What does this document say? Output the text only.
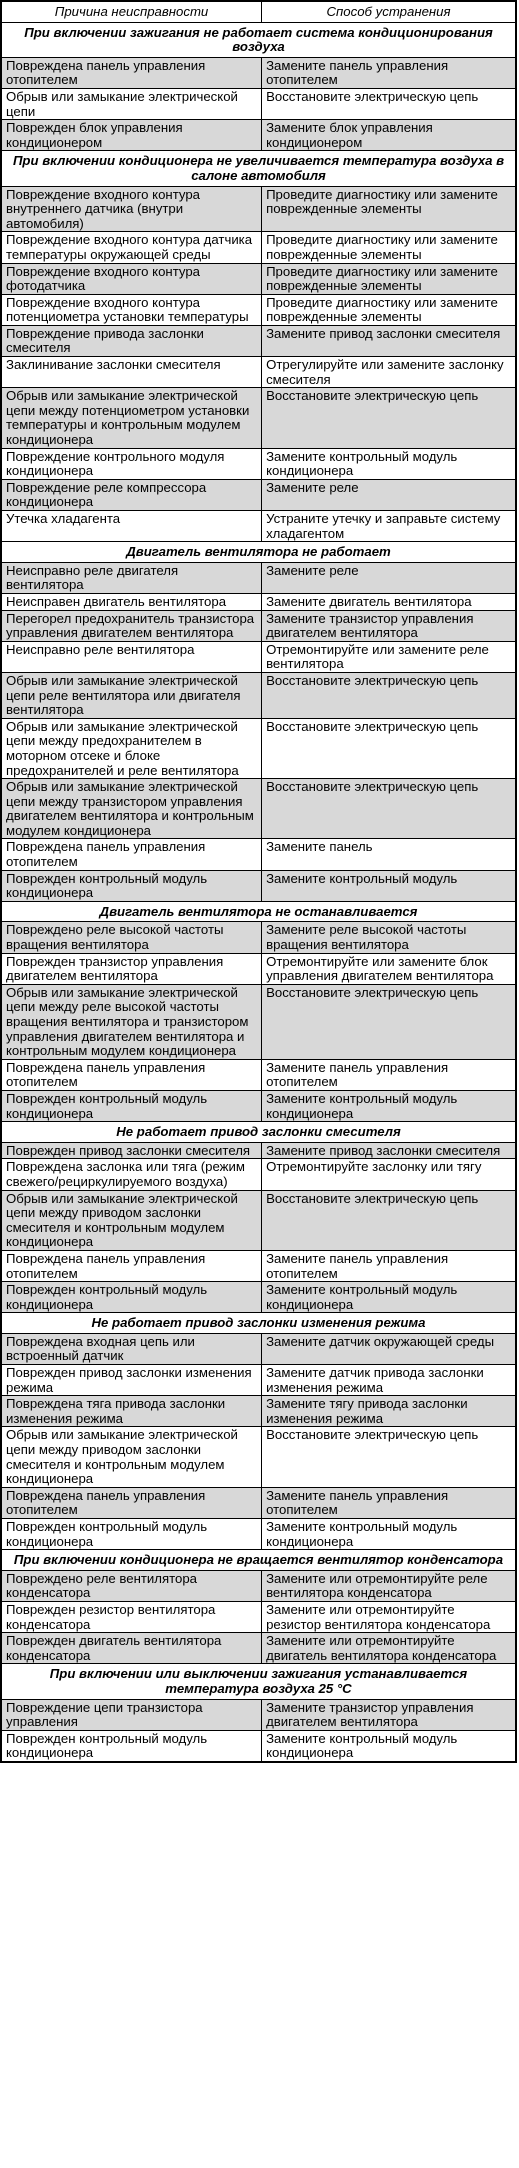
Причина неисправности	Способ устранения
При включении зажигания не работает система кондиционирования воздуха	
Повреждена панель управления отопителем	Замените панель управления отопителем
Обрыв или замыкание электрической цепи	Восстановите электрическую цепь
Поврежден блок управления кондиционером	Замените блок управления кондиционером
При включении кондиционера не увеличивается температура воздуха в салоне автомобиля	
Повреждение входного контура внутреннего датчика (внутри автомобиля)	Проведите диагностику или замените поврежденные элементы
Повреждение входного контура датчика температуры окружающей среды	Проведите диагностику или замените поврежденные элементы
Повреждение входного контура фотодатчика	Проведите диагностику или замените поврежденные элементы
Повреждение входного контура потенциометра установки температуры	Проведите диагностику или замените поврежденные элементы
Повреждение привода заслонки смесителя	Замените привод заслонки смесителя
Заклинивание заслонки смесителя	Отрегулируйте или замените заслонку смесителя
Обрыв или замыкание электрической цепи между потенциометром установки температуры и контрольным модулем кондиционера	Восстановите электрическую цепь
Повреждение контрольного модуля кондиционера	Замените контрольный модуль кондиционера
Повреждение реле компрессора кондиционера	Замените реле
Утечка хладагента	Устраните утечку и заправьте систему хладагентом
Двигатель вентилятора не работает	
Неисправно реле двигателя вентилятора	Замените реле
Неисправен двигатель вентилятора	Замените двигатель вентилятора
Перегорел предохранитель транзистора управления двигателем вентилятора	Замените транзистор управления двигателем вентилятора
Неисправно реле вентилятора	Отремонтируйте или замените реле вентилятора
Обрыв или замыкание электрической цепи реле вентилятора или двигателя вентилятора	Восстановите электрическую цепь
Обрыв или замыкание электрической цепи между предохранителем в моторном отсеке и блоке предохранителей и реле вентилятора	Восстановите электрическую цепь
Обрыв или замыкание электрической цепи между транзистором управления двигателем вентилятора и контрольным модулем кондиционера	Восстановите электрическую цепь
Повреждена панель управления отопителем	Замените панель
Поврежден контрольный модуль кондиционера	Замените контрольный модуль
Двигатель вентилятора не останавливается	
Повреждено реле высокой частоты вращения вентилятора	Замените реле высокой частоты вращения вентилятора
Поврежден транзистор управления двигателем вентилятора	Отремонтируйте или замените блок управления двигателем вентилятора
Обрыв или замыкание электрической цепи между реле высокой частоты вращения вентилятора и транзистором управления двигателем вентилятора и контрольным модулем кондиционера	Восстановите электрическую цепь
Повреждена панель управления отопителем	Замените панель управления отопителем
Поврежден контрольный модуль кондиционера	Замените контрольный модуль кондиционера
Не работает привод заслонки смесителя	
Поврежден привод заслонки смесителя	Замените привод заслонки смесителя
Повреждена заслонка или тяга (режим свежего/рециркулируемого воздуха)	Отремонтируйте заслонку или тягу
Обрыв или замыкание электрической цепи между приводом заслонки смесителя и контрольным модулем кондиционера	Восстановите электрическую цепь
Повреждена панель управления отопителем	Замените панель управления отопителем
Поврежден контрольный модуль кондиционера	Замените контрольный модуль кондиционера
Не работает привод заслонки изменения режима	
Повреждена входная цепь или встроенный датчик	Замените датчик окружающей среды
Поврежден привод заслонки изменения режима	Замените датчик привода заслонки изменения режима
Повреждена тяга привода заслонки изменения режима	Замените тягу привода заслонки изменения режима
Обрыв или замыкание электрической цепи между приводом заслонки смесителя и контрольным модулем кондиционера	Восстановите электрическую цепь
Повреждена панель управления отопителем	Замените панель управления отопителем
Поврежден контрольный модуль кондиционера	Замените контрольный модуль кондиционера
При включении кондиционера не вращается вентилятор конденсатора	
Повреждено реле вентилятора конденсатора	Замените или отремонтируйте реле вентилятора конденсатора
Поврежден резистор вентилятора конденсатора	Замените или отремонтируйте резистор вентилятора конденсатора
Поврежден двигатель вентилятора конденсатора	Замените или отремонтируйте двигатель вентилятора конденсатора
При включении или выключении зажигания устанавливается температура воздуха 25 °С	
Повреждение цепи транзистора управления	Замените транзистор управления двигателем вентилятора
Поврежден контрольный модуль кондиционера	Замените контрольный модуль кондиционера
